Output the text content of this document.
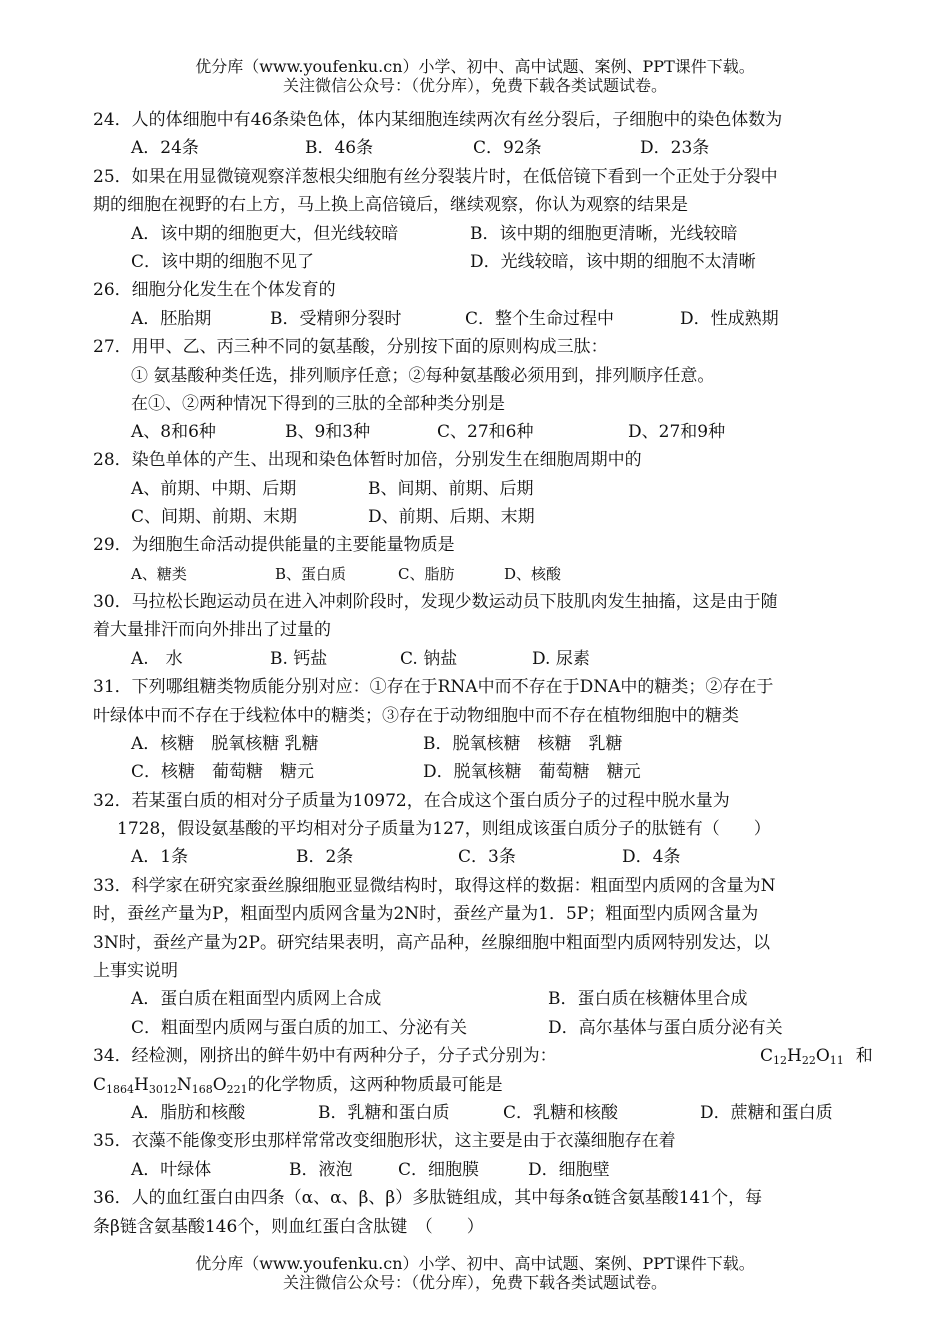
优分库（www.youfenku.cn）小学、初中、高中试题、案例、PPT课件下载。
关注微信公众号：（优分库），免费下载各类试题试卷。
24．人的体细胞中有46条染色体，体内某细胞连续两次有丝分裂后，子细胞中的染色体数为
A．24条	B．46条	C．92条	D．23条
25．如果在用显微镜观察洋葱根尖细胞有丝分裂装片时，在低倍镜下看到一个正处于分裂中
期的细胞在视野的右上方，马上换上高倍镜后，继续观察，你认为观察的结果是
A．该中期的细胞更大，但光线较暗	B．该中期的细胞更清晰，光线较暗
C．该中期的细胞不见了	D．光线较暗，该中期的细胞不太清晰
26．细胞分化发生在个体发育的
A．胚胎期	B．受精卵分裂时	C．整个生命过程中	D．性成熟期
27．用甲、乙、丙三种不同的氨基酸，分别按下面的原则构成三肽：
① 氨基酸种类任选，排列顺序任意；②每种氨基酸必须用到，排列顺序任意。
在①、②两种情况下得到的三肽的全部种类分别是
A、8和6种	B、9和3种	C、27和6种	D、27和9种
28．染色单体的产生、出现和染色体暂时加倍，分别发生在细胞周期中的
A、前期、中期、后期	B、间期、前期、后期
C、间期、前期、末期	D、前期、后期、末期
29．为细胞生命活动提供能量的主要能量物质是
A、糖类	B、蛋白质	C、脂肪	D、核酸
30．马拉松长跑运动员在进入冲刺阶段时，发现少数运动员下肢肌肉发生抽搐，这是由于随
着大量排汗而向外排出了过量的
A.　水	B. 钙盐	C. 钠盐	D. 尿素
31．下列哪组糖类物质能分别对应：①存在于RNA中而不存在于DNA中的糖类；②存在于
叶绿体中而不存在于线粒体中的糖类；③存在于动物细胞中而不存在植物细胞中的糖类
A．核糖　脱氧核糖 乳糖	B．脱氧核糖　核糖　乳糖
C．核糖　葡萄糖　糖元	D．脱氧核糖　葡萄糖　糖元
32．若某蛋白质的相对分子质量为10972，在合成这个蛋白质分子的过程中脱水量为
1728，假设氨基酸的平均相对分子质量为127，则组成该蛋白质分子的肽链有（　　）
A．1条	B．2条	C．3条	D．4条
33．科学家在研究家蚕丝腺细胞亚显微结构时，取得这样的数据：粗面型内质网的含量为N
时，蚕丝产量为P，粗面型内质网含量为2N时，蚕丝产量为1．5P；粗面型内质网含量为
3N时，蚕丝产量为2P。研究结果表明，高产品种，丝腺细胞中粗面型内质网特别发达，以
上事实说明
A．蛋白质在粗面型内质网上合成	B．蛋白质在核糖体里合成
C．粗面型内质网与蛋白质的加工、分泌有关	D．高尔基体与蛋白质分泌有关
34．经检测，刚挤出的鲜牛奶中有两种分子，分子式分别为：	$C_{12}H_{22}O_{11}$ 和
$C_{1864}H_{3012}N_{168}O_{221}$的化学物质，这两种物质最可能是
A．脂肪和核酸	B．乳糖和蛋白质	C．乳糖和核酸	D．蔗糖和蛋白质
35．衣藻不能像变形虫那样常常改变细胞形状，这主要是由于衣藻细胞存在着
A．叶绿体	B．液泡	C．细胞膜	D．细胞壁
36．人的血红蛋白由四条（α、α、β、β）多肽链组成，其中每条α链含氨基酸141个，每
条β链含氨基酸146个，则血红蛋白含肽键　（　　）
优分库（www.youfenku.cn）小学、初中、高中试题、案例、PPT课件下载。
关注微信公众号：（优分库），免费下载各类试题试卷。
